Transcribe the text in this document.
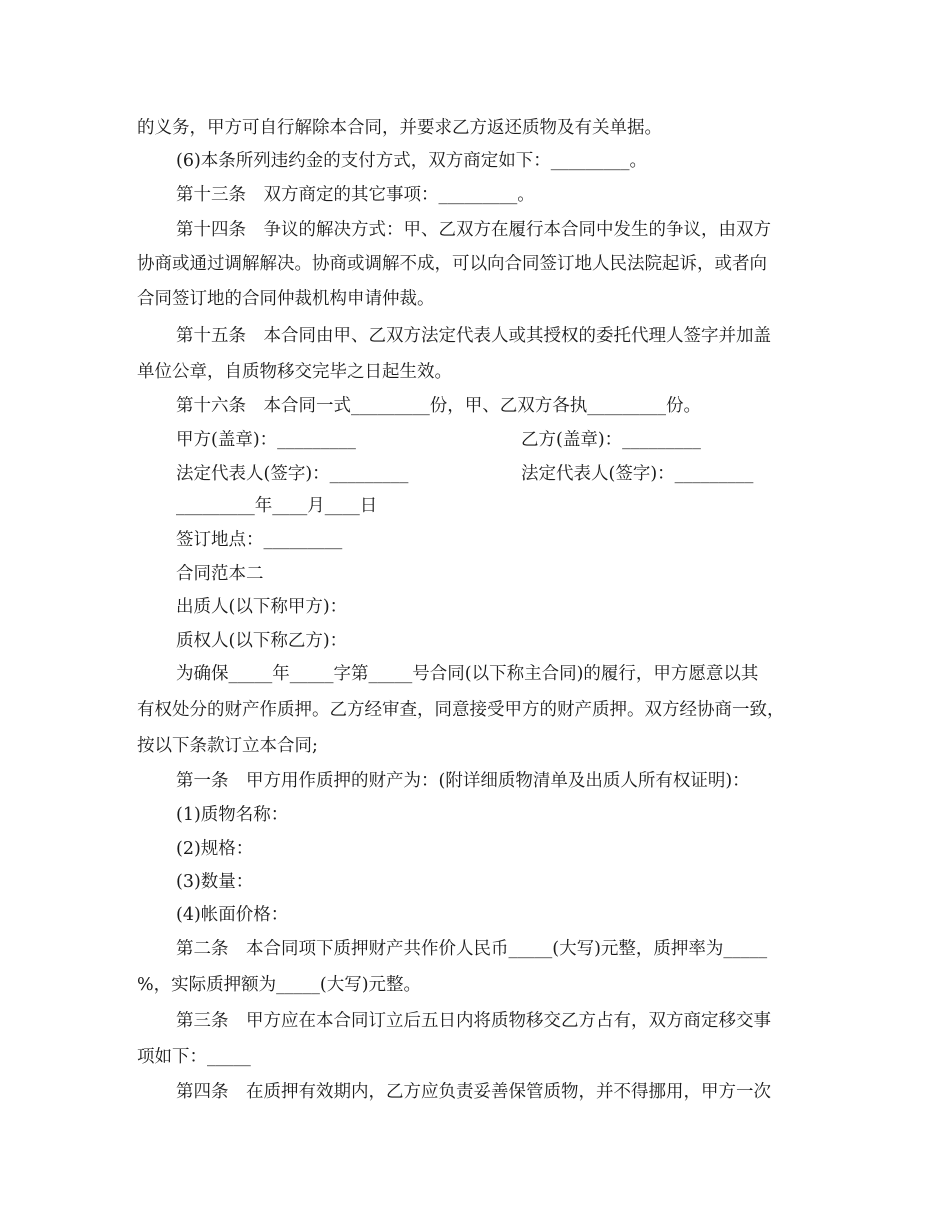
的义务，甲方可自行解除本合同，并要求乙方返还质物及有关单据。
(6)本条所列违约金的支付方式，双方商定如下：_________。
第十三条　双方商定的其它事项：_________。
第十四条　争议的解决方式：甲、乙双方在履行本合同中发生的争议，由双方
协商或通过调解解决。协商或调解不成，可以向合同签订地人民法院起诉，或者向
合同签订地的合同仲裁机构申请仲裁。
第十五条　本合同由甲、乙双方法定代表人或其授权的委托代理人签字并加盖
单位公章，自质物移交完毕之日起生效。
第十六条　本合同一式_________份，甲、乙双方各执_________份。
甲方(盖章)：_________	乙方(盖章)：_________
法定代表人(签字)：_________	法定代表人(签字)：_________
_________年____月____日
签订地点：_________
合同范本二
出质人(以下称甲方)：
质权人(以下称乙方)：
为确保_____年_____字第_____号合同(以下称主合同)的履行，甲方愿意以其
有权处分的财产作质押。乙方经审查，同意接受甲方的财产质押。双方经协商一致，
按以下条款订立本合同;
第一条　甲方用作质押的财产为：(附详细质物清单及出质人所有权证明)：
(1)质物名称：
(2)规格：
(3)数量：
(4)帐面价格：
第二条　本合同项下质押财产共作价人民币_____(大写)元整，质押率为_____
%，实际质押额为_____(大写)元整。
第三条　甲方应在本合同订立后五日内将质物移交乙方占有，双方商定移交事
项如下：_____
第四条　在质押有效期内，乙方应负责妥善保管质物，并不得挪用，甲方一次
